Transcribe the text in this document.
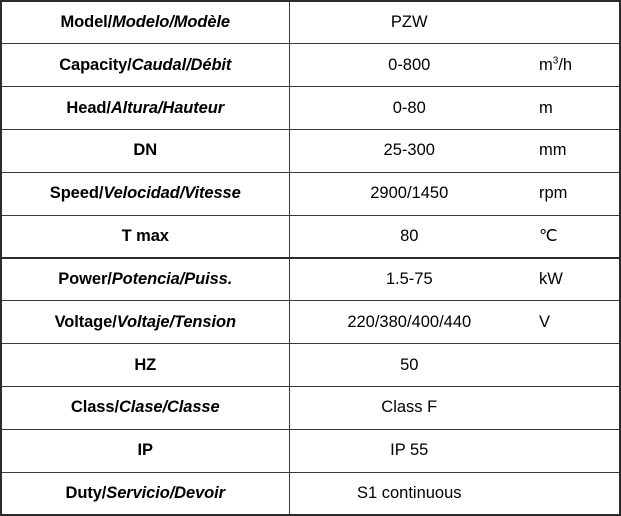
Model/Modelo/Modèle	PZW	
Capacity/Caudal/Débit	0-800	$m^3/h$
Head/Altura/Hauteur	0-80	m
DN	25-300	mm
Speed/Velocidad/Vitesse	2900/1450	rpm
T max	80	℃
Power/Potencia/Puiss.	1.5-75	kW
Voltage/Voltaje/Tension	220/380/400/440	V
HZ	50	
Class/Clase/Classe	Class F	
IP	IP 55	
Duty/Servicio/Devoir	S1 continuous	
